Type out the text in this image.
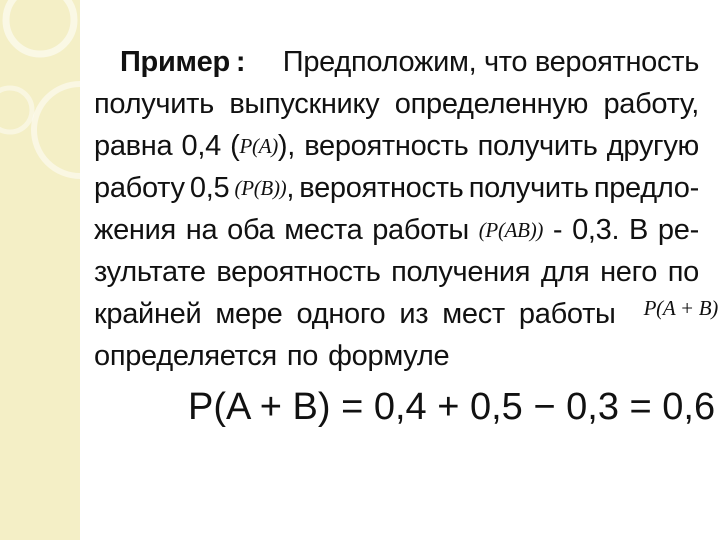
Пример : Предположим, что вероятность
получить выпускнику определенную работу,
равна 0,4 ( P(A) ), вероятность получить другую
работу 0,5 (P(B)) , вероятность получить предло-
жения на оба места работы (P(AB)) - 0,3. В ре-
зультате вероятность получения для него по
крайней мере одного из мест работы P(A + B)
определяется по формуле
P(A + B) = 0,4 + 0,5 − 0,3 = 0,6
